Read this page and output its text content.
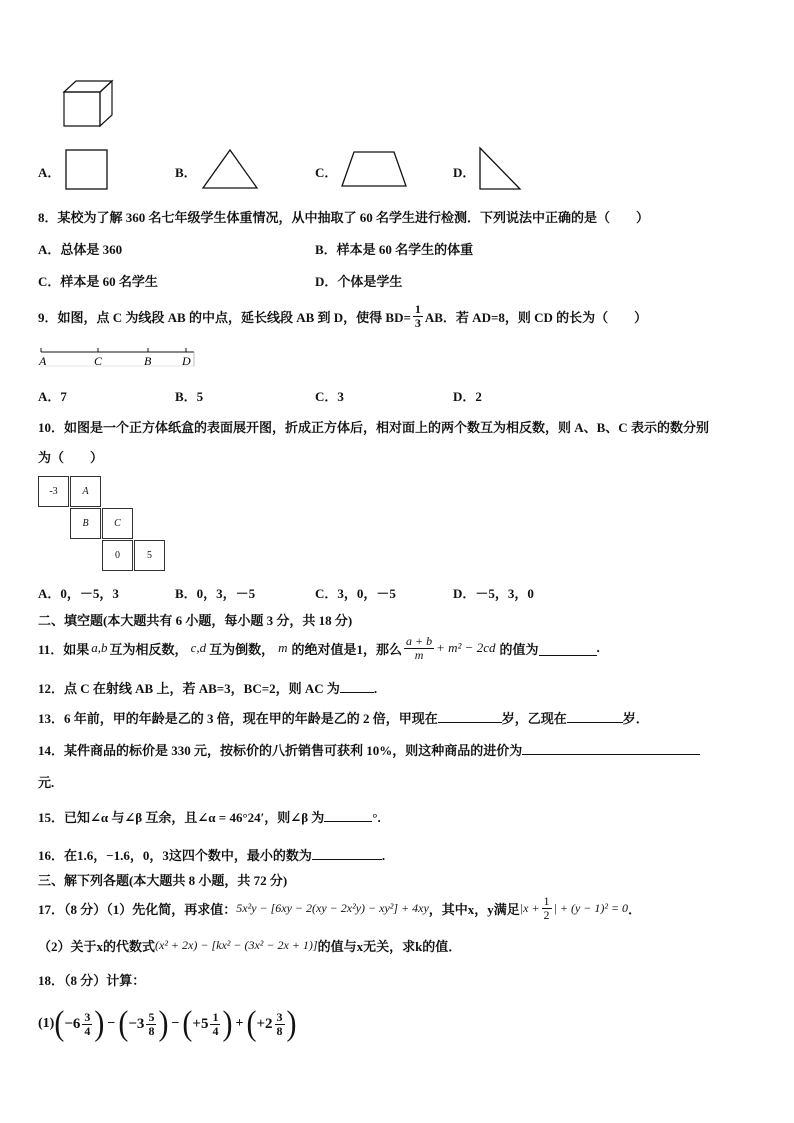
A．	B．	C．	D．
8．某校为了解 360 名七年级学生体重情况，从中抽取了 60 名学生进行检测．下列说法中正确的是（　　）
A．总体是 360	B．样本是 60 名学生的体重
C．样本是 60 名学生	D．个体是学生
9．如图，点 C 为线段 AB 的中点，延长线段 AB 到 D，使得 $BD= \frac{1}{3}$ AB．若 AD=8，则 CD 的长为（　　）
A	C	B	D
A．7	B．5	C．3	D．2
10．如图是一个正方体纸盒的表面展开图，折成正方体后，相对面上的两个数互为相反数，则 A、B、C 表示的数分别
为（　　）
-3	A
B	C
0	5
A．0，－5，3	B．0，3，－5	C．3，0，－5	D．－5，3，0
二、填空题(本大题共有 6 小题，每小题 3 分，共 18 分)
11．如果 a,b 互为相反数， c,d 互为倒数， m 的绝对值是1，那么 $\frac{a + b}{m} + m^2 - 2cd$ 的值为	.
12．点 C 在射线 AB 上，若 AB=3，BC=2，则 AC 为	.
13．6 年前，甲的年龄是乙的 3 倍，现在甲的年龄是乙的 2 倍，甲现在	岁，乙现在	岁．
14．某件商品的标价是 330 元，按标价的八折销售可获利 10%，则这种商品的进价为
元.
15．已知∠α 与∠β 互余，且∠α = 46°24′，则∠β 为	°.
16．在1.6，−1.6，0，3这四个数中，最小的数为	.
三、解下列各题(本大题共 8 小题，共 72 分)
17．（8 分）（1）先化简，再求值： 5x²y − [6xy − 2(xy − 2x²y) − xy²] + 4xy ，其中x，y满足 $|x + \frac{1}{2}$ | + (y − 1)² = 0 ．
（2）关于x的代数式 (x² + 2x) − [kx² − (3x² − 2x + 1)] 的值与x无关，求k的值．
18．（8 分）计算：
(1) ( $-6 \frac{3}{4}$ ) − ( $-3 \frac{5}{8}$ ) − ( $+5 \frac{1}{4}$ ) + ( $+2 \frac{3}{8}$ )
